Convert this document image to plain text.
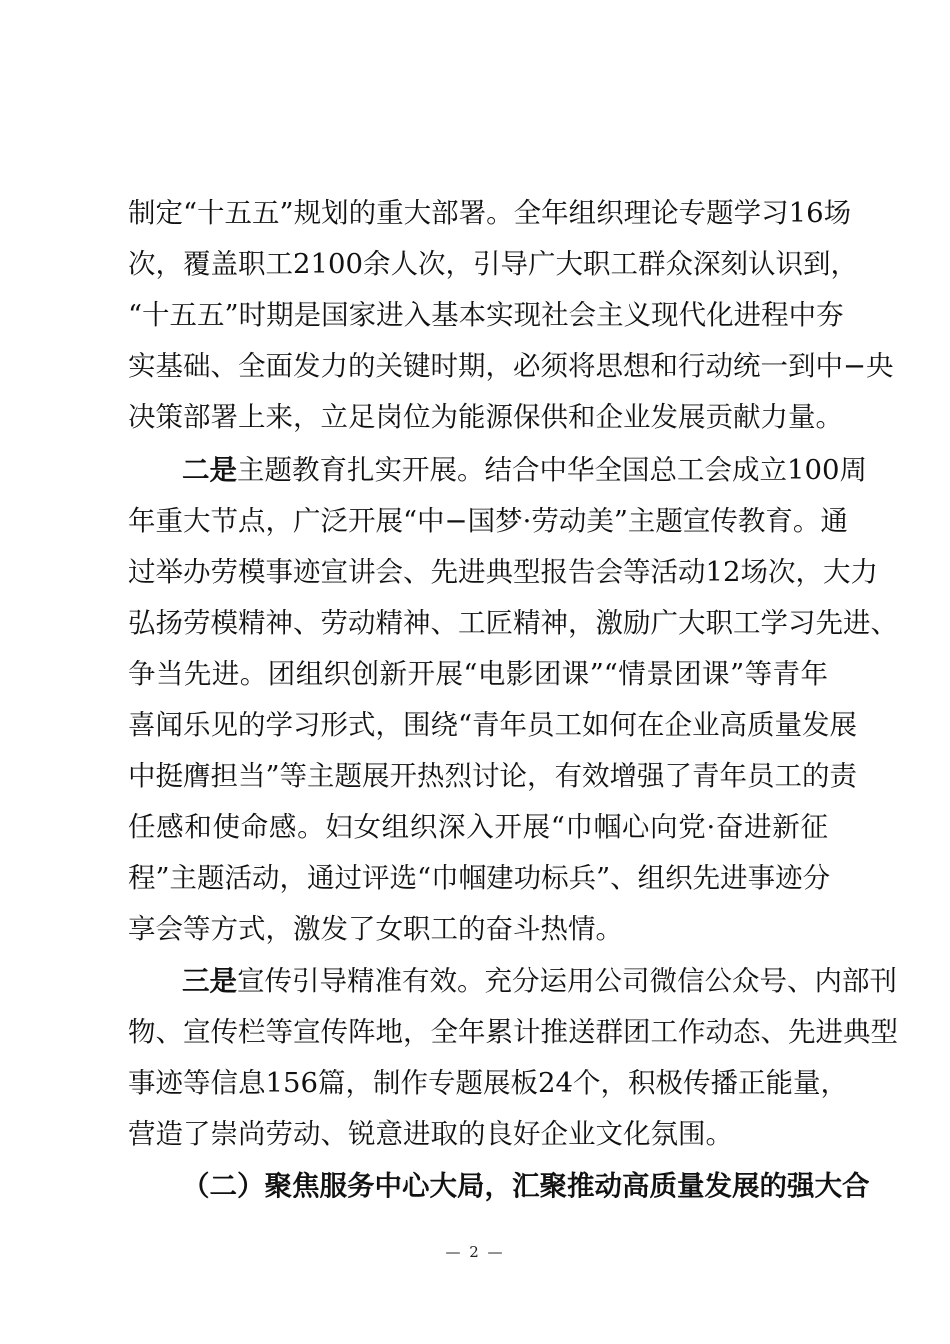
制定“十五五”规划的重大部署。全年组织理论专题学习16场
次，覆盖职工2100余人次，引导广大职工群众深刻认识到，
“十五五”时期是国家进入基本实现社会主义现代化进程中夯
实基础、全面发力的关键时期，必须将思想和行动统一到中−央
决策部署上来，立足岗位为能源保供和企业发展贡献力量。
二是主题教育扎实开展。结合中华全国总工会成立100周
年重大节点，广泛开展“中−国梦·劳动美”主题宣传教育。通
过举办劳模事迹宣讲会、先进典型报告会等活动12场次，大力
弘扬劳模精神、劳动精神、工匠精神，激励广大职工学习先进、
争当先进。团组织创新开展“电影团课”“情景团课”等青年
喜闻乐见的学习形式，围绕“青年员工如何在企业高质量发展
中挺膺担当”等主题展开热烈讨论，有效增强了青年员工的责
任感和使命感。妇女组织深入开展“巾帼心向党·奋进新征
程”主题活动，通过评选“巾帼建功标兵”、组织先进事迹分
享会等方式，激发了女职工的奋斗热情。
三是宣传引导精准有效。充分运用公司微信公众号、内部刊
物、宣传栏等宣传阵地，全年累计推送群团工作动态、先进典型
事迹等信息156篇，制作专题展板24个，积极传播正能量，
营造了崇尚劳动、锐意进取的良好企业文化氛围。
（二）聚焦服务中心大局，汇聚推动高质量发展的强大合
— 2 —
